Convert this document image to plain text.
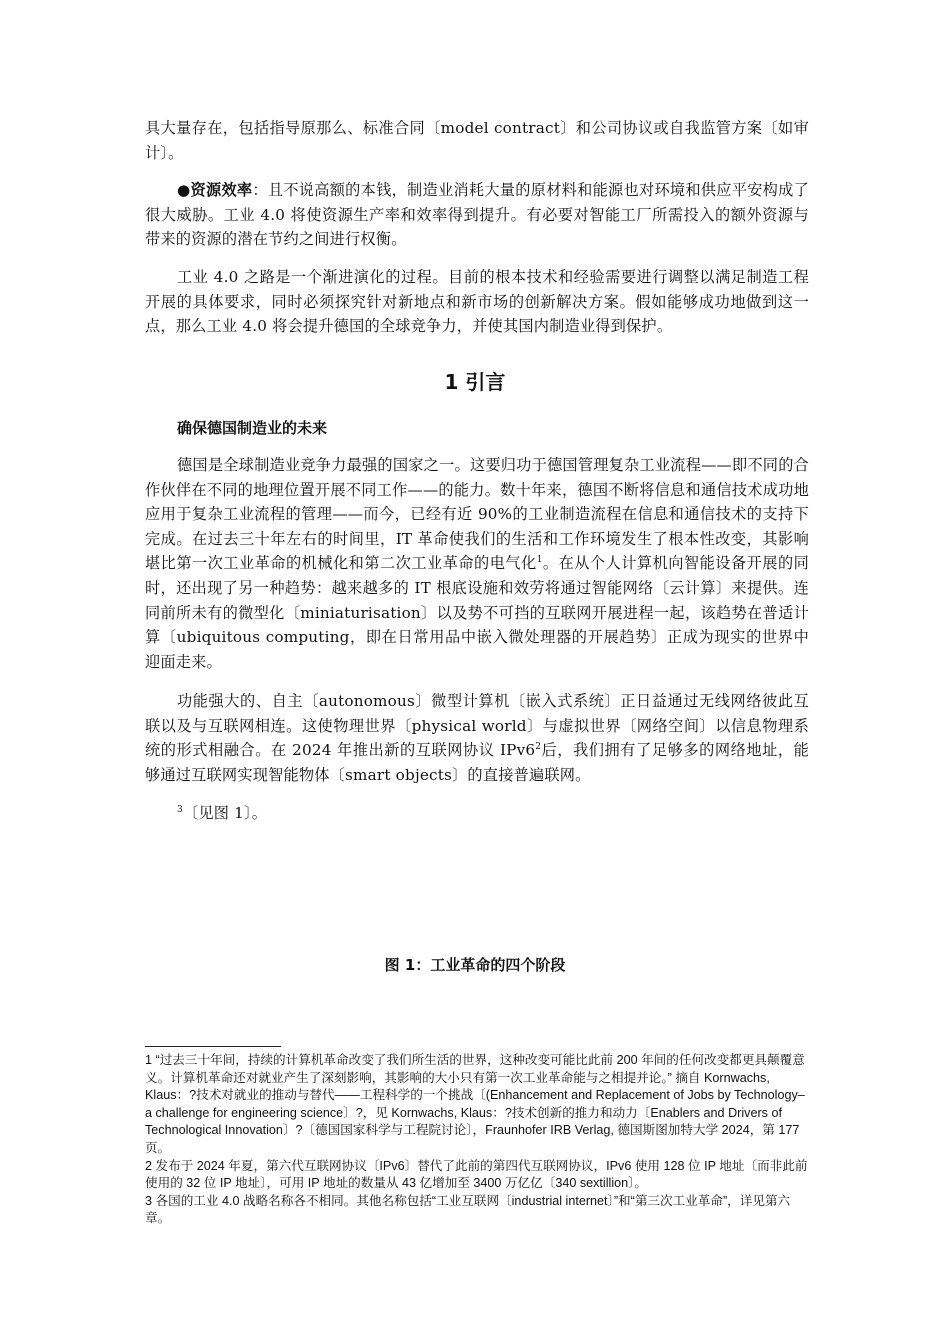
具大量存在，包括指导原那么、标准合同〔model contract〕和公司协议或自我监管方案〔如审计〕。

●资源效率：且不说高额的本钱，制造业消耗大量的原材料和能源也对环境和供应平安构成了很大威胁。工业 4.0 将使资源生产率和效率得到提升。有必要对智能工厂所需投入的额外资源与带来的资源的潜在节约之间进行权衡。

工业 4.0 之路是一个渐进演化的过程。目前的根本技术和经验需要进行调整以满足制造工程开展的具体要求，同时必须探究针对新地点和新市场的创新解决方案。假如能够成功地做到这一点，那么工业 4.0 将会提升德国的全球竞争力，并使其国内制造业得到保护。

1 引言
确保德国制造业的未来

德国是全球制造业竞争力最强的国家之一。这要归功于德国管理复杂工业流程——即不同的合作伙伴在不同的地理位置开展不同工作——的能力。数十年来，德国不断将信息和通信技术成功地应用于复杂工业流程的管理——而今，已经有近 90%的工业制造流程在信息和通信技术的支持下完成。在过去三十年左右的时间里，IT 革命使我们的生活和工作环境发生了根本性改变，其影响堪比第一次工业革命的机械化和第二次工业革命的电气化$^1$。在从个人计算机向智能设备开展的同时，还出现了另一种趋势：越来越多的 IT 根底设施和效劳将通过智能网络〔云计算〕来提供。连同前所未有的微型化〔miniaturisation〕以及势不可挡的互联网开展进程一起，该趋势在普适计算〔ubiquitous computing，即在日常用品中嵌入微处理器的开展趋势〕正成为现实的世界中迎面走来。

功能强大的、自主〔autonomous〕微型计算机〔嵌入式系统〕正日益通过无线网络彼此互联以及与互联网相连。这使物理世界〔physical world〕与虚拟世界〔网络空间〕以信息物理系统的形式相融合。在 2024 年推出新的互联网协议 $IPv6^2$后，我们拥有了足够多的网络地址，能够通过互联网实现智能物体〔smart objects〕的直接普遍联网。

$^3$〔见图 1〕。

图 1：工业革命的四个阶段

1 “过去三十年间，持续的计算机革命改变了我们所生活的世界，这种改变可能比此前 200 年间的任何改变都更具颠覆意义。计算机革命还对就业产生了深刻影响，其影响的大小只有第一次工业革命能与之相提并论。” 摘自 Kornwachs, Klaus：?技术对就业的推动与替代——工程科学的一个挑战〔(Enhancement and Replacement of Jobs by Technology–a challenge for engineering science〕?，见 Kornwachs, Klaus：?技术创新的推力和动力〔Enablers and Drivers of Technological Innovation〕?〔德国国家科学与工程院讨论〕，Fraunhofer IRB Verlag, 德国斯图加特大学 2024，第 177 页。

2 发布于 2024 年夏，第六代互联网协议〔IPv6〕替代了此前的第四代互联网协议，IPv6 使用 128 位 IP 地址〔而非此前使用的 32 位 IP 地址〕，可用 IP 地址的数量从 43 亿增加至 3400 万亿亿〔340 sextillion〕。

3 各国的工业 4.0 战略名称各不相同。其他名称包括“工业互联网〔industrial internet〕”和“第三次工业革命”，详见第六章。
